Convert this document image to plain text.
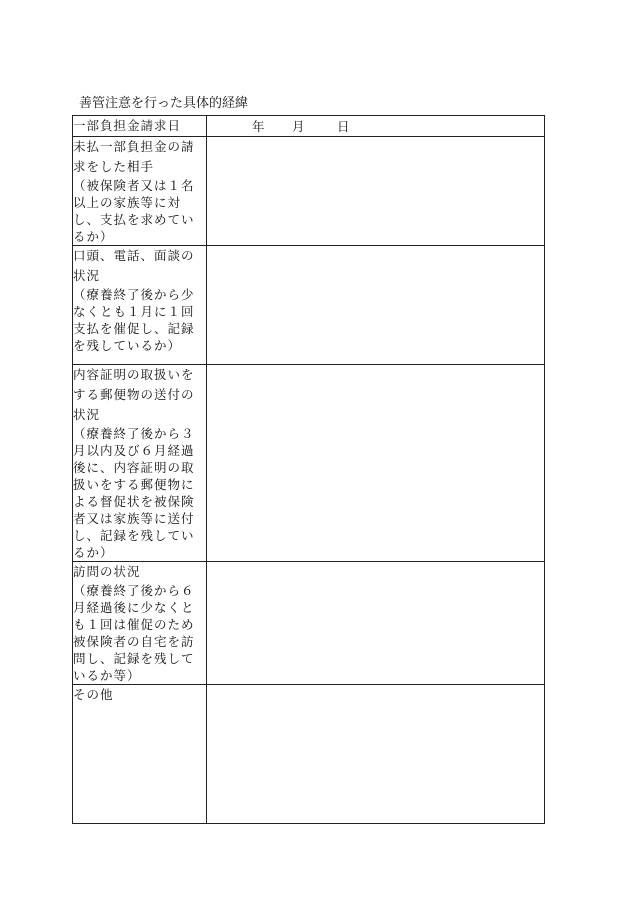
善管注意を行った具体的経緯
一部負担金請求日	年 月 日

未払一部負担金の請求をした相手
（被保険者又は１名以上の家族等に対し、支払を求めているか）	

口頭、電話、面談の状況
（療養終了後から少なくとも１月に１回支払を催促し、記録を残しているか）	

内容証明の取扱いをする郵便物の送付の状況
（療養終了後から３月以内及び６月経過後に、内容証明の取扱いをする郵便物による督促状を被保険者又は家族等に送付し、記録を残しているか）	

訪問の状況
（療養終了後から６月経過後に少なくとも１回は催促のため被保険者の自宅を訪問し、記録を残しているか等）	

その他	
